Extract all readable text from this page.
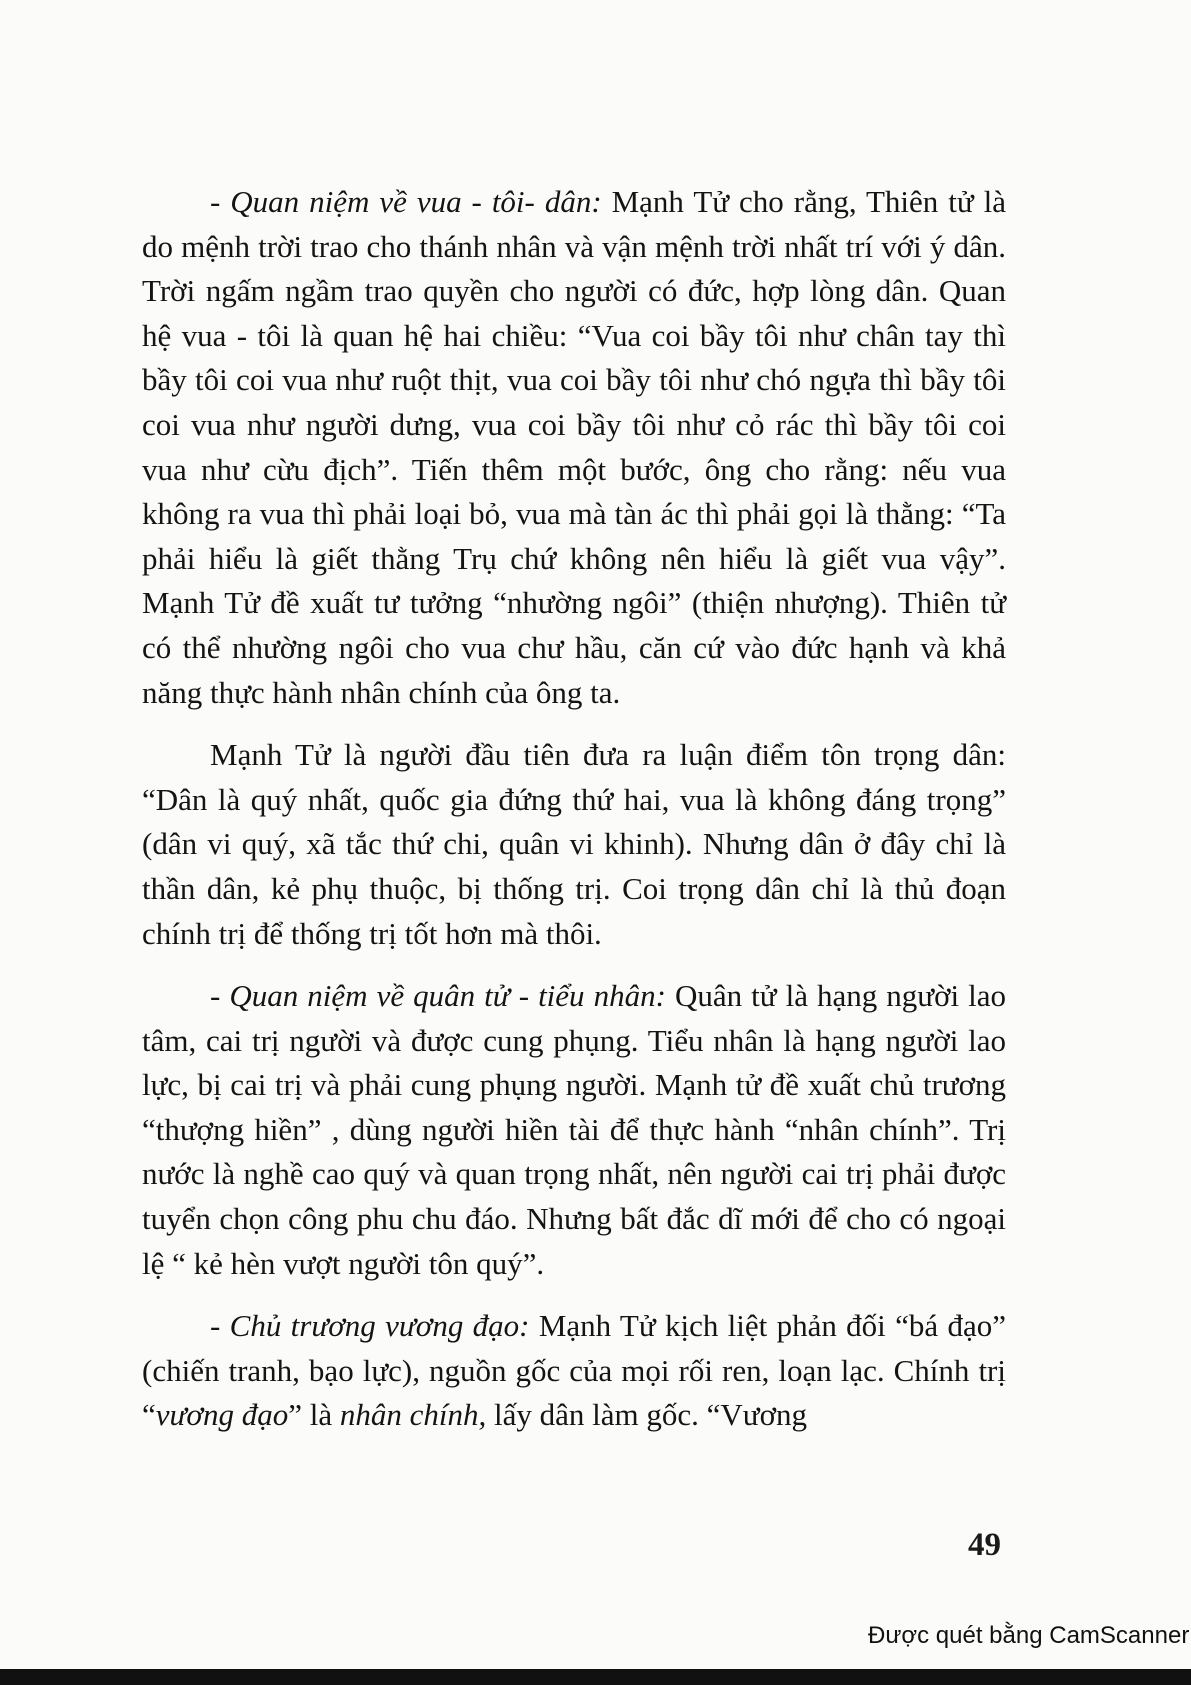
- Quan niệm về vua - tôi- dân: Mạnh Tử cho rằng, Thiên tử là do mệnh trời trao cho thánh nhân và vận mệnh trời nhất trí với ý dân. Trời ngấm ngầm trao quyền cho người có đức, hợp lòng dân. Quan hệ vua - tôi là quan hệ hai chiều: “Vua coi bầy tôi như chân tay thì bầy tôi coi vua như ruột thịt, vua coi bầy tôi như chó ngựa thì bầy tôi coi vua như người dưng, vua coi bầy tôi như cỏ rác thì bầy tôi coi vua như cừu địch”. Tiến thêm một bước, ông cho rằng: nếu vua không ra vua thì phải loại bỏ, vua mà tàn ác thì phải gọi là thằng: “Ta phải hiểu là giết thằng Trụ chứ không nên hiểu là giết vua vậy”. Mạnh Tử đề xuất tư tưởng “nhường ngôi” (thiện nhượng). Thiên tử có thể nhường ngôi cho vua chư hầu, căn cứ vào đức hạnh và khả năng thực hành nhân chính của ông ta.

Mạnh Tử là người đầu tiên đưa ra luận điểm tôn trọng dân: “Dân là quý nhất, quốc gia đứng thứ hai, vua là không đáng trọng” (dân vi quý, xã tắc thứ chi, quân vi khinh). Nhưng dân ở đây chỉ là thần dân, kẻ phụ thuộc, bị thống trị. Coi trọng dân chỉ là thủ đoạn chính trị để thống trị tốt hơn mà thôi.

- Quan niệm về quân tử - tiểu nhân: Quân tử là hạng người lao tâm, cai trị người và được cung phụng. Tiểu nhân là hạng người lao lực, bị cai trị và phải cung phụng người. Mạnh tử đề xuất chủ trương “thượng hiền” , dùng người hiền tài để thực hành “nhân chính”. Trị nước là nghề cao quý và quan trọng nhất, nên người cai trị phải được tuyển chọn công phu chu đáo. Nhưng bất đắc dĩ mới để cho có ngoại lệ “ kẻ hèn vượt người tôn quý”.

- Chủ trương vương đạo: Mạnh Tử kịch liệt phản đối “bá đạo” (chiến tranh, bạo lực), nguồn gốc của mọi rối ren, loạn lạc. Chính trị “vương đạo” là nhân chính, lấy dân làm gốc. “Vương

49
Được quét bằng CamScanner
